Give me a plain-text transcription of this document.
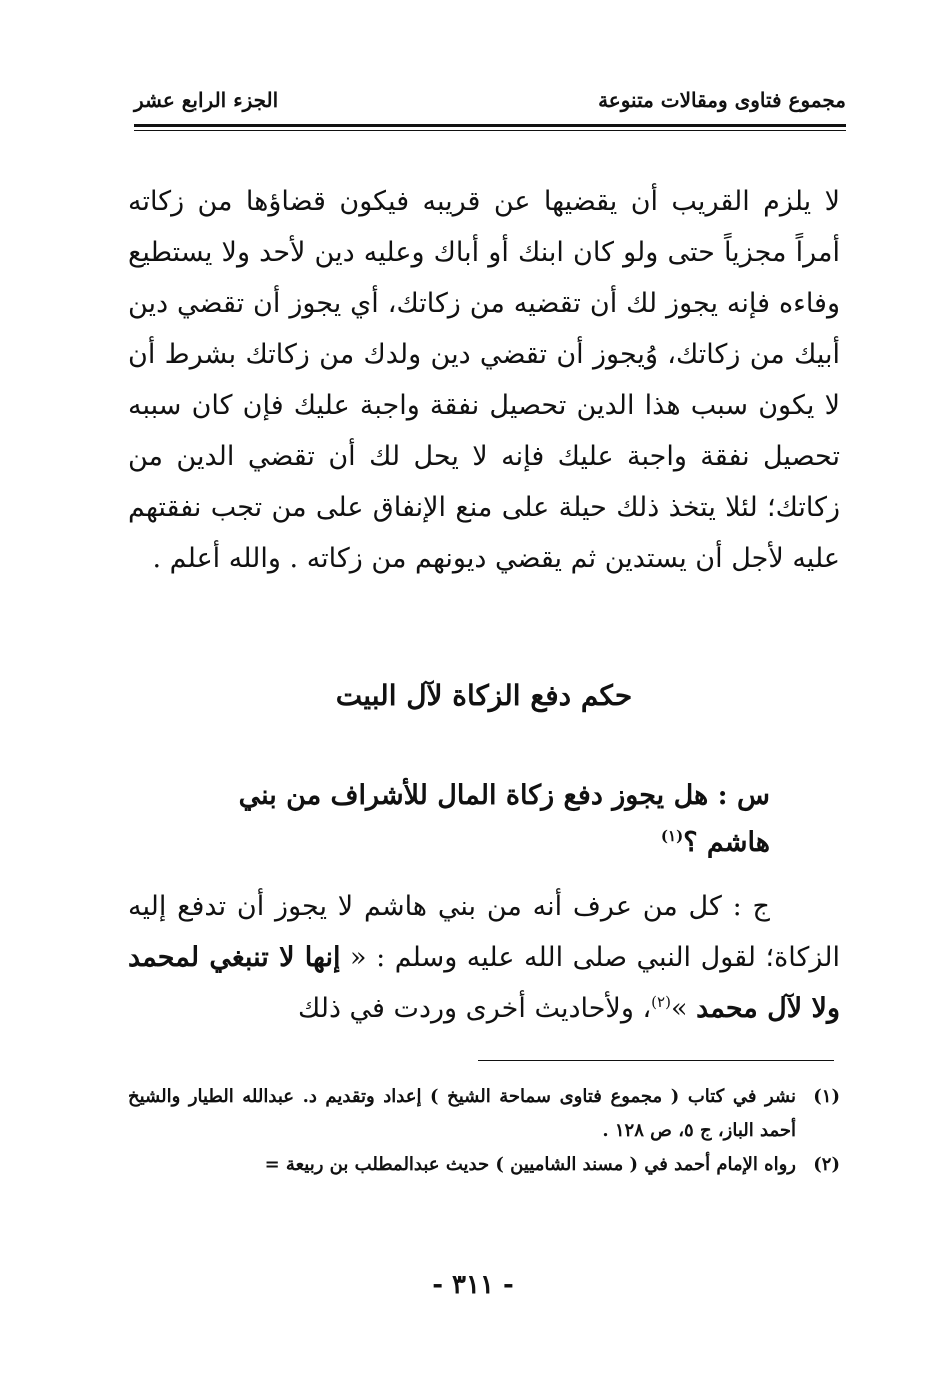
مجموع فتاوى ومقالات متنوعة
الجزء الرابع عشر

لا يلزم القريب أن يقضيها عن قريبه فيكون قضاؤها من زكاته أمراً مجزياً حتى ولو كان ابنك أو أباك وعليه دين لأحد ولا يستطيع وفاءه فإنه يجوز لك أن تقضيه من زكاتك، أي يجوز أن تقضي دين أبيك من زكاتك، وُيجوز أن تقضي دين ولدك من زكاتك بشرط أن لا يكون سبب هذا الدين تحصيل نفقة واجبة عليك فإن كان سببه تحصيل نفقة واجبة عليك فإنه لا يحل لك أن تقضي الدين من زكاتك؛ لئلا يتخذ ذلك حيلة على منع الإنفاق على من تجب نفقتهم عليه لأجل أن يستدين ثم يقضي ديونهم من زكاته . والله أعلم .

حكم دفع الزكاة لآل البيت

س : هل يجوز دفع زكاة المال للأشراف من بني

هاشم ؟$^{(١)}$

ج : كل من عرف أنه من بني هاشم لا يجوز أن تدفع إليه الزكاة؛ لقول النبي صلى الله عليه وسلم : « إنها لا تنبغي لمحمد ولا لآل محمد »$^{(٢)}$، ولأحاديث أخرى وردت في ذلك

(١)
نشر في كتاب ( مجموع فتاوى سماحة الشيخ ) إعداد وتقديم د. عبدالله الطيار والشيخ أحمد الباز، ج ٥، ص ١٢٨ .
(٢)
رواه الإمام أحمد في ( مسند الشاميين ) حديث عبدالمطلب بن ربيعة =
- ٣١١ -
